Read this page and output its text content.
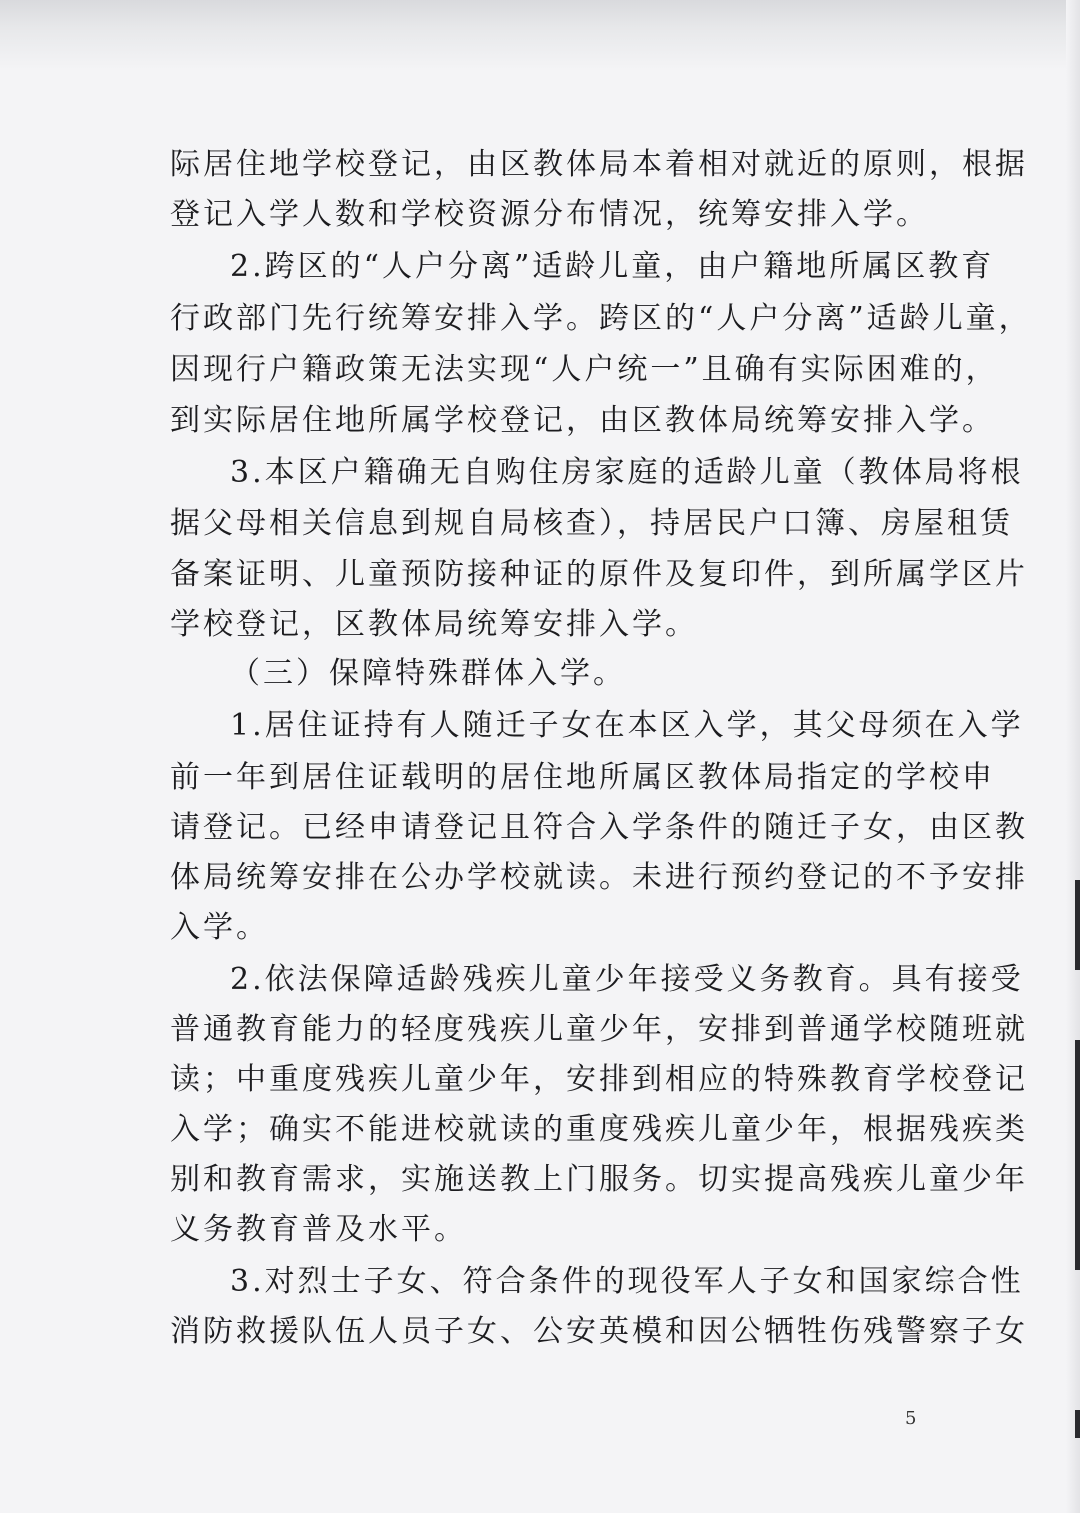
际居住地学校登记，由区教体局本着相对就近的原则，根据

登记入学人数和学校资源分布情况，统筹安排入学。

2.跨区的“人户分离”适龄儿童，由户籍地所属区教育

行政部门先行统筹安排入学。跨区的“人户分离”适龄儿童，

因现行户籍政策无法实现“人户统一”且确有实际困难的，

到实际居住地所属学校登记，由区教体局统筹安排入学。

3.本区户籍确无自购住房家庭的适龄儿童（教体局将根

据父母相关信息到规自局核查），持居民户口簿、房屋租赁

备案证明、儿童预防接种证的原件及复印件，到所属学区片

学校登记，区教体局统筹安排入学。

（三）保障特殊群体入学。

1.居住证持有人随迁子女在本区入学，其父母须在入学

前一年到居住证载明的居住地所属区教体局指定的学校申

请登记。已经申请登记且符合入学条件的随迁子女，由区教

体局统筹安排在公办学校就读。未进行预约登记的不予安排

入学。

2.依法保障适龄残疾儿童少年接受义务教育。具有接受

普通教育能力的轻度残疾儿童少年，安排到普通学校随班就

读；中重度残疾儿童少年，安排到相应的特殊教育学校登记

入学；确实不能进校就读的重度残疾儿童少年，根据残疾类

别和教育需求，实施送教上门服务。切实提高残疾儿童少年

义务教育普及水平。

3.对烈士子女、符合条件的现役军人子女和国家综合性

消防救援队伍人员子女、公安英模和因公牺牲伤残警察子女

5
